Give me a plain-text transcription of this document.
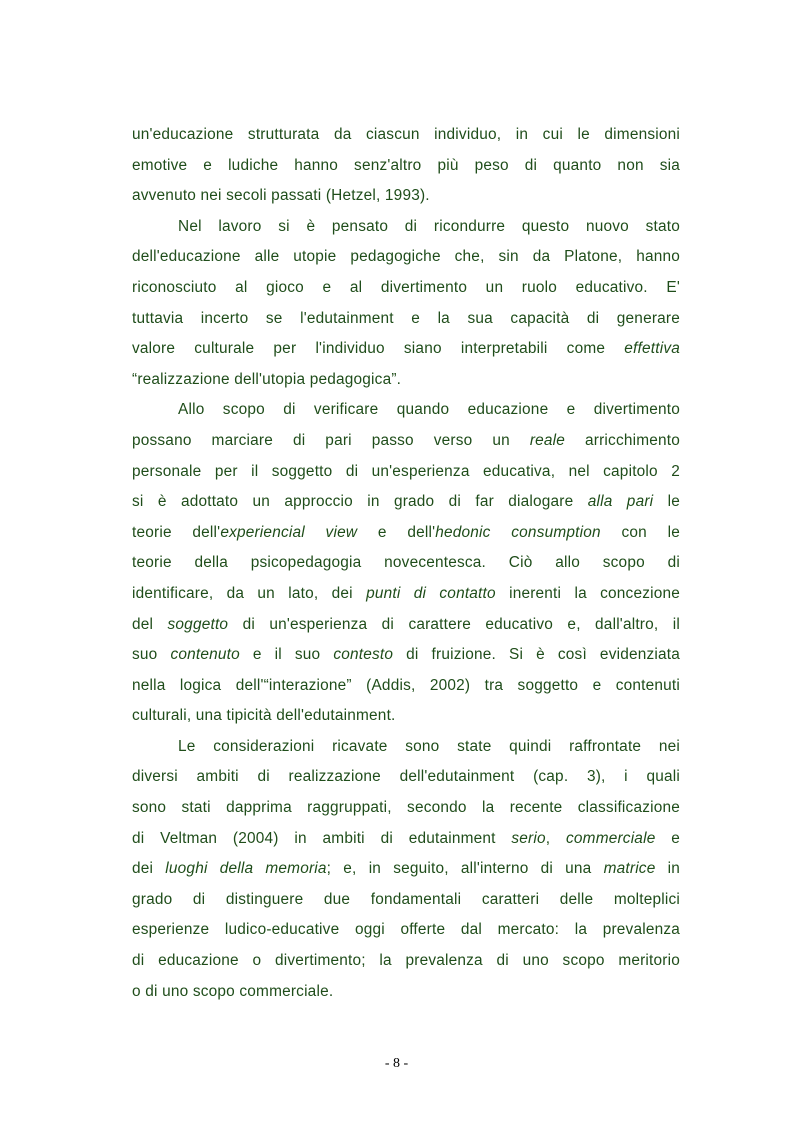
un'educazione strutturata da ciascun individuo, in cui le dimensioni
emotive e ludiche hanno senz'altro più peso di quanto non sia
avvenuto nei secoli passati (Hetzel, 1993).
Nel lavoro si è pensato di ricondurre questo nuovo stato
dell'educazione alle utopie pedagogiche che, sin da Platone, hanno
riconosciuto al gioco e al divertimento un ruolo educativo. E'
tuttavia incerto se l'edutainment e la sua capacità di generare
valore culturale per l'individuo siano interpretabili come effettiva
“realizzazione dell'utopia pedagogica”.
Allo scopo di verificare quando educazione e divertimento
possano marciare di pari passo verso un reale arricchimento
personale per il soggetto di un'esperienza educativa, nel capitolo 2
si è adottato un approccio in grado di far dialogare alla pari le
teorie dell'experiencial view e dell'hedonic consumption con le
teorie della psicopedagogia novecentesca. Ciò allo scopo di
identificare, da un lato, dei punti di contatto inerenti la concezione
del soggetto di un'esperienza di carattere educativo e, dall'altro, il
suo contenuto e il suo contesto di fruizione. Si è così evidenziata
nella logica dell'“interazione” (Addis, 2002) tra soggetto e contenuti
culturali, una tipicità dell'edutainment.
Le considerazioni ricavate sono state quindi raffrontate nei
diversi ambiti di realizzazione dell'edutainment (cap. 3), i quali
sono stati dapprima raggruppati, secondo la recente classificazione
di Veltman (2004) in ambiti di edutainment serio, commerciale e
dei luoghi della memoria; e, in seguito, all'interno di una matrice in
grado di distinguere due fondamentali caratteri delle molteplici
esperienze ludico-educative oggi offerte dal mercato: la prevalenza
di educazione o divertimento; la prevalenza di uno scopo meritorio
o di uno scopo commerciale.
- 8 -
